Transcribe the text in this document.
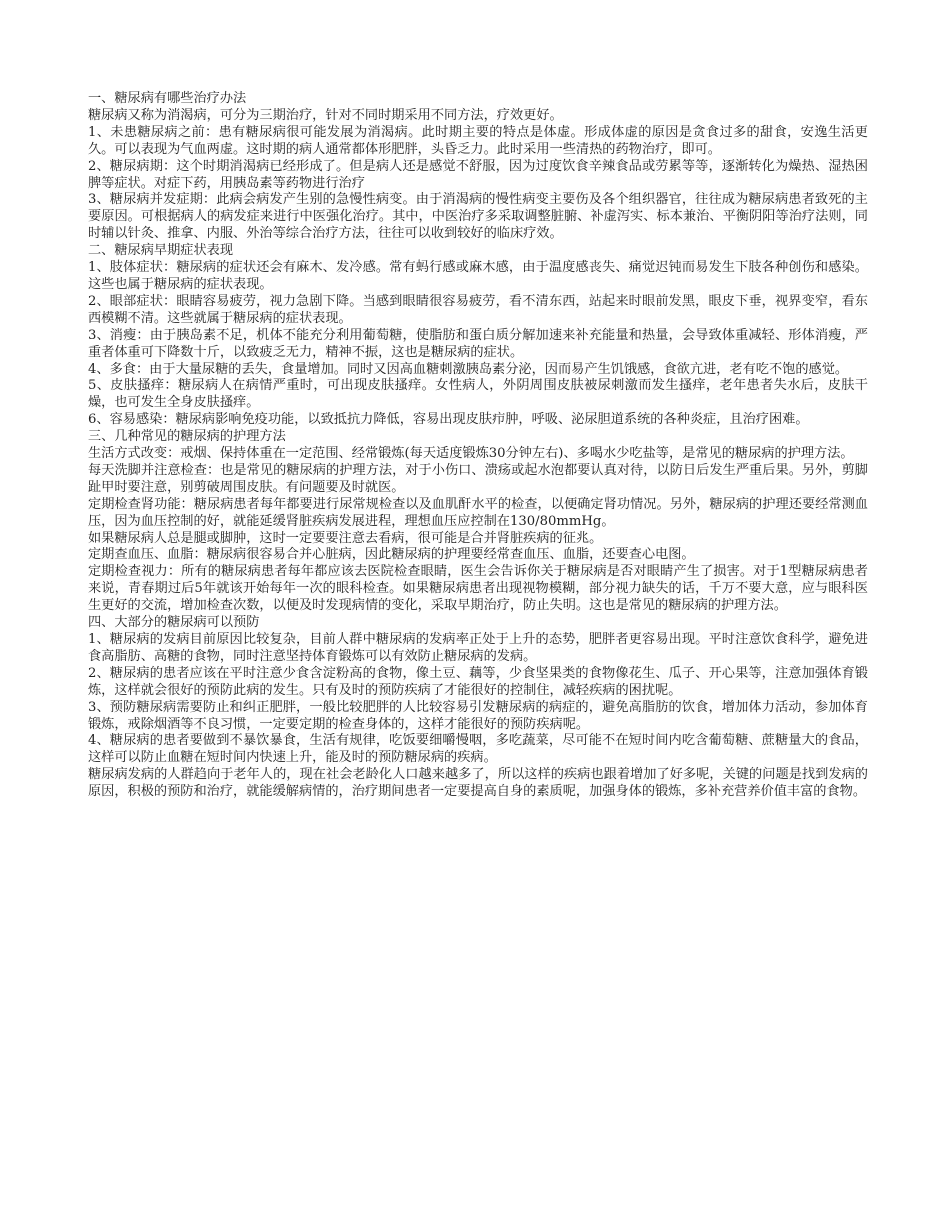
一、糖尿病有哪些治疗办法

糖尿病又称为消渴病，可分为三期治疗，针对不同时期采用不同方法，疗效更好。

1、未患糖尿病之前：患有糖尿病很可能发展为消渴病。此时期主要的特点是体虚。形成体虚的原因是贪食过多的甜食，安逸生活更久。可以表现为气血两虚。这时期的病人通常都体形肥胖，头昏乏力。此时采用一些清热的药物治疗，即可。

2、糖尿病期：这个时期消渴病已经形成了。但是病人还是感觉不舒服，因为过度饮食辛辣食品或劳累等等，逐渐转化为燥热、湿热困脾等症状。对症下药，用胰岛素等药物进行治疗

3、糖尿病并发症期：此病会病发产生别的急慢性病变。由于消渴病的慢性病变主要伤及各个组织器官，往往成为糖尿病患者致死的主要原因。可根据病人的病发症来进行中医强化治疗。其中，中医治疗多采取调整脏腑、补虚泻实、标本兼治、平衡阴阳等治疗法则，同时辅以针灸、推拿、内服、外治等综合治疗方法，往往可以收到较好的临床疗效。

二、糖尿病早期症状表现

1、肢体症状：糖尿病的症状还会有麻木、发冷感。常有蚂行感或麻木感，由于温度感丧失、痛觉迟钝而易发生下肢各种创伤和感染。这些也属于糖尿病的症状表现。

2、眼部症状：眼睛容易疲劳，视力急剧下降。当感到眼睛很容易疲劳，看不清东西，站起来时眼前发黑，眼皮下垂，视界变窄，看东西模糊不清。这些就属于糖尿病的症状表现。

3、消瘦：由于胰岛素不足，机体不能充分利用葡萄糖，使脂肪和蛋白质分解加速来补充能量和热量，会导致体重减轻、形体消瘦，严重者体重可下降数十斤，以致疲乏无力，精神不振，这也是糖尿病的症状。

4、多食：由于大量尿糖的丢失，食量增加。同时又因高血糖刺激胰岛素分泌，因而易产生饥饿感，食欲亢进，老有吃不饱的感觉。

5、皮肤搔痒：糖尿病人在病情严重时，可出现皮肤搔痒。女性病人，外阴周围皮肤被尿刺激而发生搔痒，老年患者失水后，皮肤干燥，也可发生全身皮肤搔痒。

6、容易感染：糖尿病影响免疫功能，以致抵抗力降低，容易出现皮肤疖肿，呼吸、泌尿胆道系统的各种炎症，且治疗困难。

三、几种常见的糖尿病的护理方法

生活方式改变：戒烟、保持体重在一定范围、经常锻炼(每天适度锻炼30分钟左右)、多喝水少吃盐等，是常见的糖尿病的护理方法。

每天洗脚并注意检查：也是常见的糖尿病的护理方法，对于小伤口、溃疡或起水泡都要认真对待，以防日后发生严重后果。另外，剪脚趾甲时要注意，别剪破周围皮肤。有问题要及时就医。

定期检查肾功能：糖尿病患者每年都要进行尿常规检查以及血肌酐水平的检查，以便确定肾功情况。另外，糖尿病的护理还要经常测血压，因为血压控制的好，就能延缓肾脏疾病发展进程，理想血压应控制在130/80mmHg。

如果糖尿病人总是腿或脚肿，这时一定要要注意去看病，很可能是合并肾脏疾病的征兆。

定期查血压、血脂：糖尿病很容易合并心脏病，因此糖尿病的护理要经常查血压、血脂，还要查心电图。

定期检查视力：所有的糖尿病患者每年都应该去医院检查眼睛，医生会告诉你关于糖尿病是否对眼睛产生了损害。对于1型糖尿病患者来说，青春期过后5年就该开始每年一次的眼科检查。如果糖尿病患者出现视物模糊，部分视力缺失的话，千万不要大意，应与眼科医生更好的交流，增加检查次数，以便及时发现病情的变化，采取早期治疗，防止失明。这也是常见的糖尿病的护理方法。

四、大部分的糖尿病可以预防

1、糖尿病的发病目前原因比较复杂，目前人群中糖尿病的发病率正处于上升的态势，肥胖者更容易出现。平时注意饮食科学，避免进食高脂肪、高糖的食物，同时注意坚持体育锻炼可以有效防止糖尿病的发病。

2、糖尿病的患者应该在平时注意少食含淀粉高的食物，像土豆、藕等，少食坚果类的食物像花生、瓜子、开心果等，注意加强体育锻炼，这样就会很好的预防此病的发生。只有及时的预防疾病了才能很好的控制住，减轻疾病的困扰呢。

3、预防糖尿病需要防止和纠正肥胖，一般比较肥胖的人比较容易引发糖尿病的病症的，避免高脂肪的饮食，增加体力活动，参加体育锻炼，戒除烟酒等不良习惯，一定要定期的检查身体的，这样才能很好的预防疾病呢。

4、糖尿病的患者要做到不暴饮暴食，生活有规律，吃饭要细嚼慢咽，多吃蔬菜，尽可能不在短时间内吃含葡萄糖、蔗糖量大的食品，这样可以防止血糖在短时间内快速上升，能及时的预防糖尿病的疾病。

糖尿病发病的人群趋向于老年人的，现在社会老龄化人口越来越多了，所以这样的疾病也跟着增加了好多呢，关键的问题是找到发病的原因，积极的预防和治疗，就能缓解病情的，治疗期间患者一定要提高自身的素质呢，加强身体的锻炼，多补充营养价值丰富的食物。
